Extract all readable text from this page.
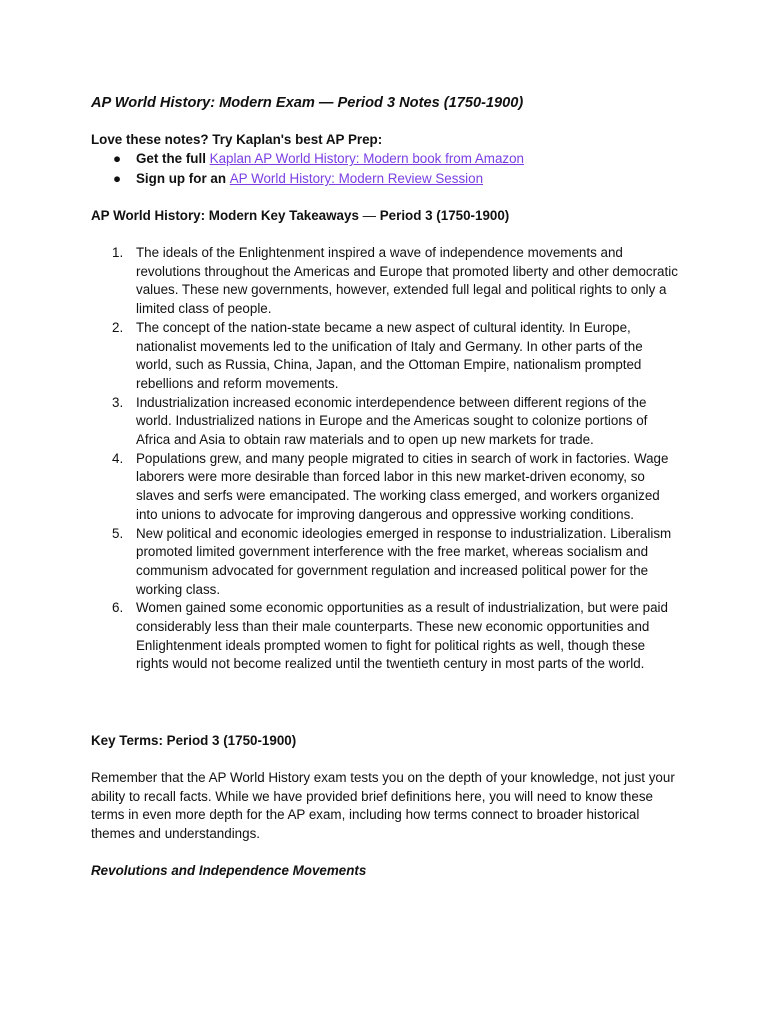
AP World History: Modern Exam — Period 3 Notes (1750-1900)
Love these notes? Try Kaplan's best AP Prep:
● Get the full Kaplan AP World History: Modern book from Amazon
● Sign up for an AP World History: Modern Review Session
AP World History: Modern Key Takeaways — Period 3 (1750-1900)
1. The ideals of the Enlightenment inspired a wave of independence movements and revolutions throughout the Americas and Europe that promoted liberty and other democratic values. These new governments, however, extended full legal and political rights to only a limited class of people.
2. The concept of the nation-state became a new aspect of cultural identity. In Europe, nationalist movements led to the unification of Italy and Germany. In other parts of the world, such as Russia, China, Japan, and the Ottoman Empire, nationalism prompted rebellions and reform movements.
3. Industrialization increased economic interdependence between different regions of the world. Industrialized nations in Europe and the Americas sought to colonize portions of Africa and Asia to obtain raw materials and to open up new markets for trade.
4. Populations grew, and many people migrated to cities in search of work in factories. Wage laborers were more desirable than forced labor in this new market-driven economy, so slaves and serfs were emancipated. The working class emerged, and workers organized into unions to advocate for improving dangerous and oppressive working conditions.
5. New political and economic ideologies emerged in response to industrialization. Liberalism promoted limited government interference with the free market, whereas socialism and communism advocated for government regulation and increased political power for the working class.
6. Women gained some economic opportunities as a result of industrialization, but were paid considerably less than their male counterparts. These new economic opportunities and Enlightenment ideals prompted women to fight for political rights as well, though these rights would not become realized until the twentieth century in most parts of the world.
Key Terms: Period 3 (1750-1900)

Remember that the AP World History exam tests you on the depth of your knowledge, not just your ability to recall facts. While we have provided brief definitions here, you will need to know these terms in even more depth for the AP exam, including how terms connect to broader historical themes and understandings.

Revolutions and Independence Movements
